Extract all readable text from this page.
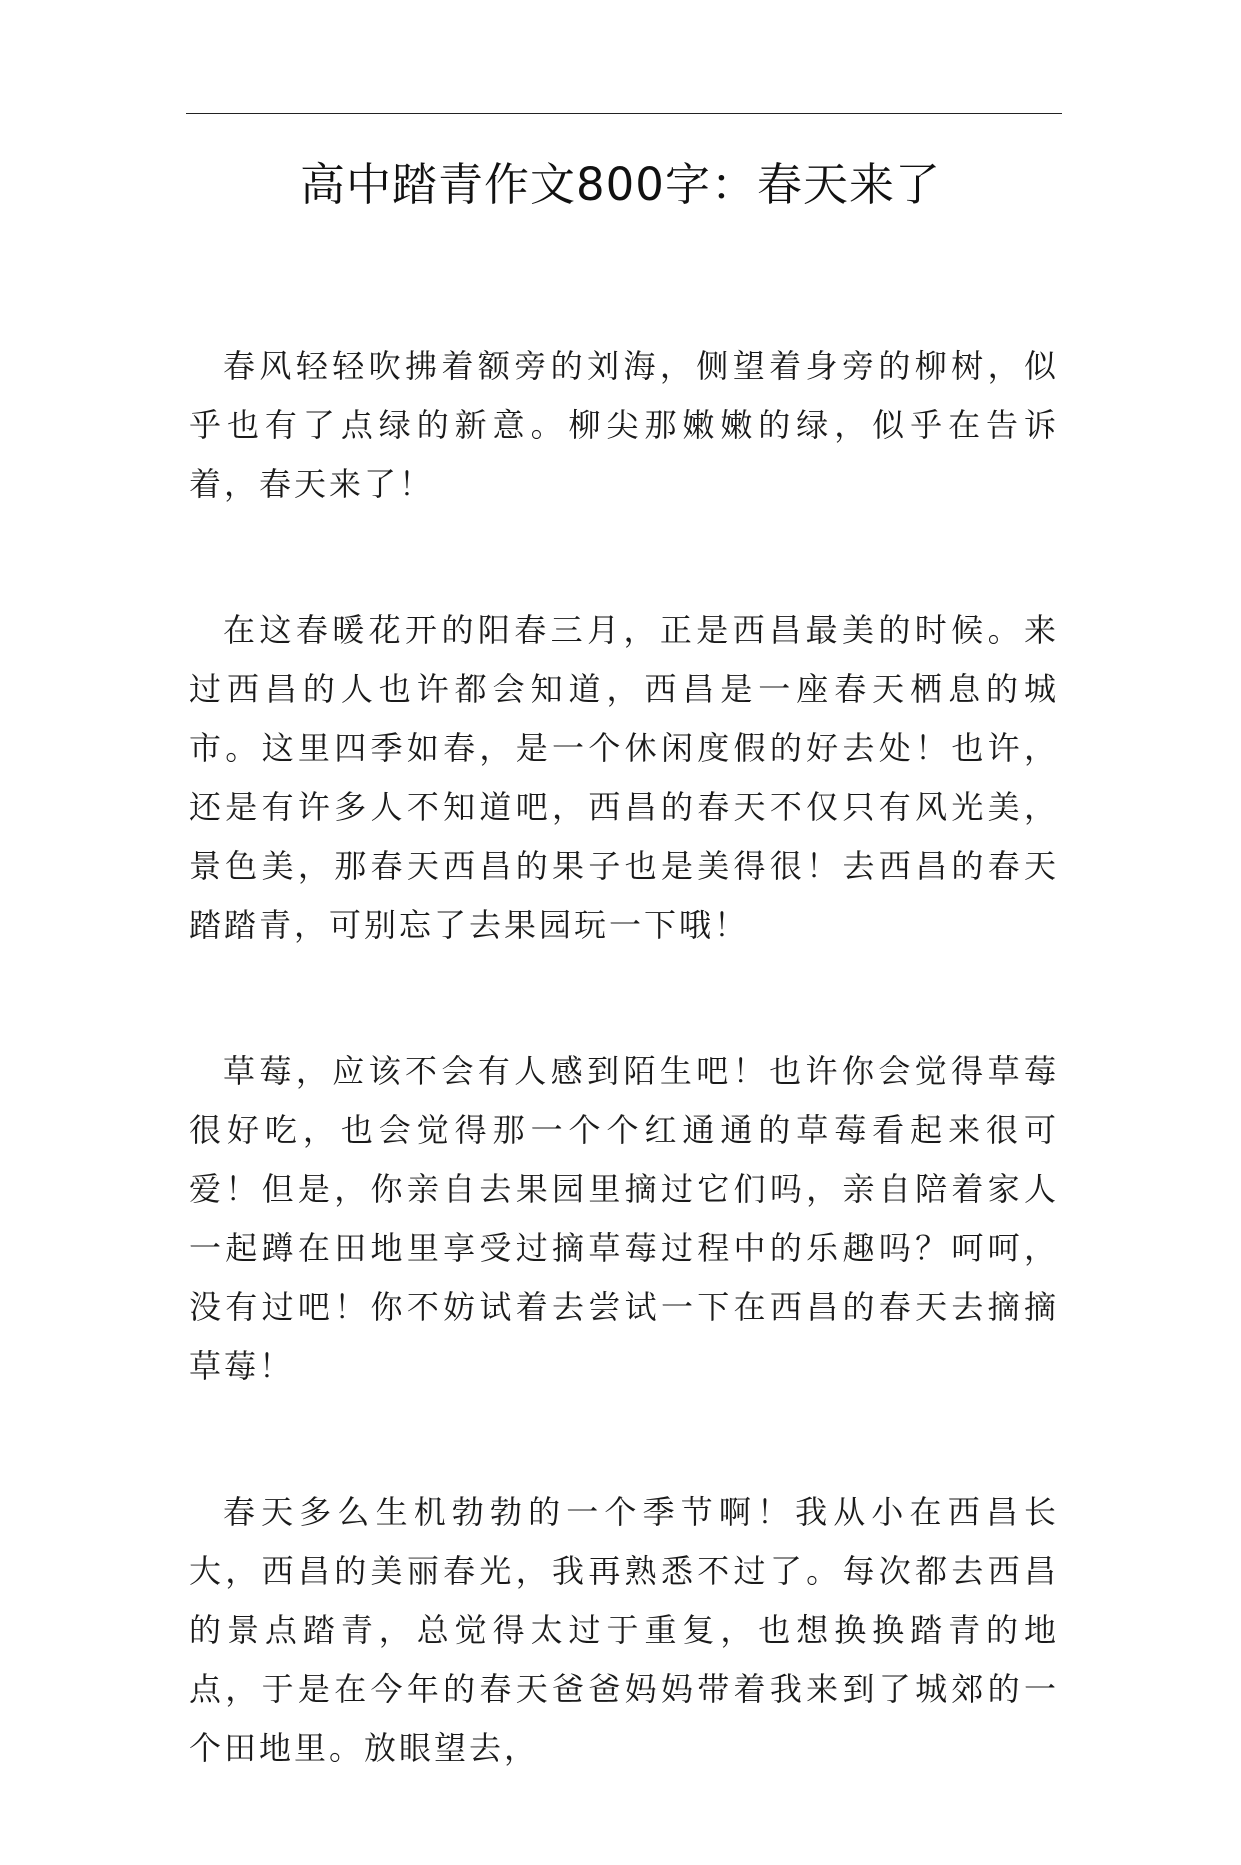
高中踏青作文800字：春天来了

春风轻轻吹拂着额旁的刘海，侧望着身旁的柳树，似乎也有了点绿的新意。柳尖那嫩嫩的绿，似乎在告诉着，春天来了！

在这春暖花开的阳春三月，正是西昌最美的时候。来过西昌的人也许都会知道，西昌是一座春天栖息的城市。这里四季如春，是一个休闲度假的好去处！也许，还是有许多人不知道吧，西昌的春天不仅只有风光美，景色美，那春天西昌的果子也是美得很！去西昌的春天踏踏青，可别忘了去果园玩一下哦！

草莓，应该不会有人感到陌生吧！也许你会觉得草莓很好吃，也会觉得那一个个红通通的草莓看起来很可爱！但是，你亲自去果园里摘过它们吗，亲自陪着家人一起蹲在田地里享受过摘草莓过程中的乐趣吗？呵呵，没有过吧！你不妨试着去尝试一下在西昌的春天去摘摘草莓！

春天多么生机勃勃的一个季节啊！我从小在西昌长大，西昌的美丽春光，我再熟悉不过了。每次都去西昌的景点踏青，总觉得太过于重复，也想换换踏青的地点，于是在今年的春天爸爸妈妈带着我来到了城郊的一个田地里。放眼望去，
